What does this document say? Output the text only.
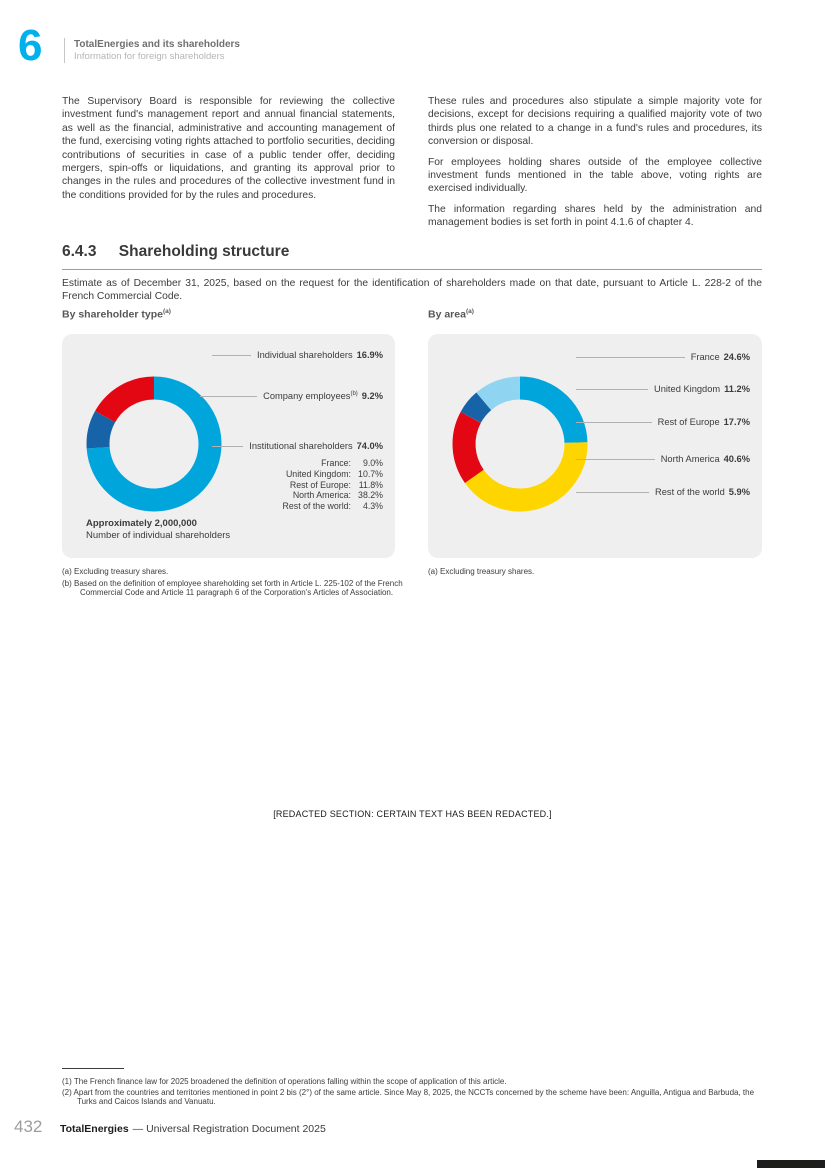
6	TotalEnergies and its shareholders
Information for foreign shareholders

The Supervisory Board is responsible for reviewing the collective investment fund's management report and annual financial statements, as well as the financial, administrative and accounting management of the fund, exercising voting rights attached to portfolio securities, deciding contributions of securities in case of a public tender offer, deciding mergers, spin-offs or liquidations, and granting its approval prior to changes in the rules and procedures of the collective investment fund in the conditions provided for by the rules and procedures.

These rules and procedures also stipulate a simple majority vote for decisions, except for decisions requiring a qualified majority vote of two thirds plus one related to a change in a fund's rules and procedures, its conversion or disposal.

For employees holding shares outside of the employee collective investment funds mentioned in the table above, voting rights are exercised individually.

The information regarding shares held by the administration and management bodies is set forth in point 4.1.6 of chapter 4.

6.4.3 Shareholding structure

Estimate as of December 31, 2025, based on the request for the identification of shareholders made on that date, pursuant to Article L. 228-2 of the French Commercial Code.

By shareholder type$^{(a)}$	By area$^{(a)}$
Individual shareholders 16.9%
Company employees$^{(b)}$ 9.2%
Institutional shareholders 74.0%
France: 9.0%
United Kingdom: 10.7%
Rest of Europe: 11.8%
North America: 38.2%
Rest of the world: 4.3%
Approximately 2,000,000
Number of individual shareholders
France 24.6%
United Kingdom 11.2%
Rest of Europe 17.7%
North America 40.6%
Rest of the world 5.9%

(a) Excluding treasury shares.

(b) Based on the definition of employee shareholding set forth in Article L. 225-102 of the French Commercial Code and Article 11 paragraph 6 of the Corporation's Articles of Association.

(a) Excluding treasury shares.

[REDACTED SECTION: CERTAIN TEXT HAS BEEN REDACTED.]

(1) The French finance law for 2025 broadened the definition of operations falling within the scope of application of this article.

(2) Apart from the countries and territories mentioned in point 2 bis (2°) of the same article. Since May 8, 2025, the NCCTs concerned by the scheme have been: Anguilla, Antigua and Barbuda, the Turks and Caicos Islands and Vanuatu.

432 TotalEnergies — Universal Registration Document 2025
